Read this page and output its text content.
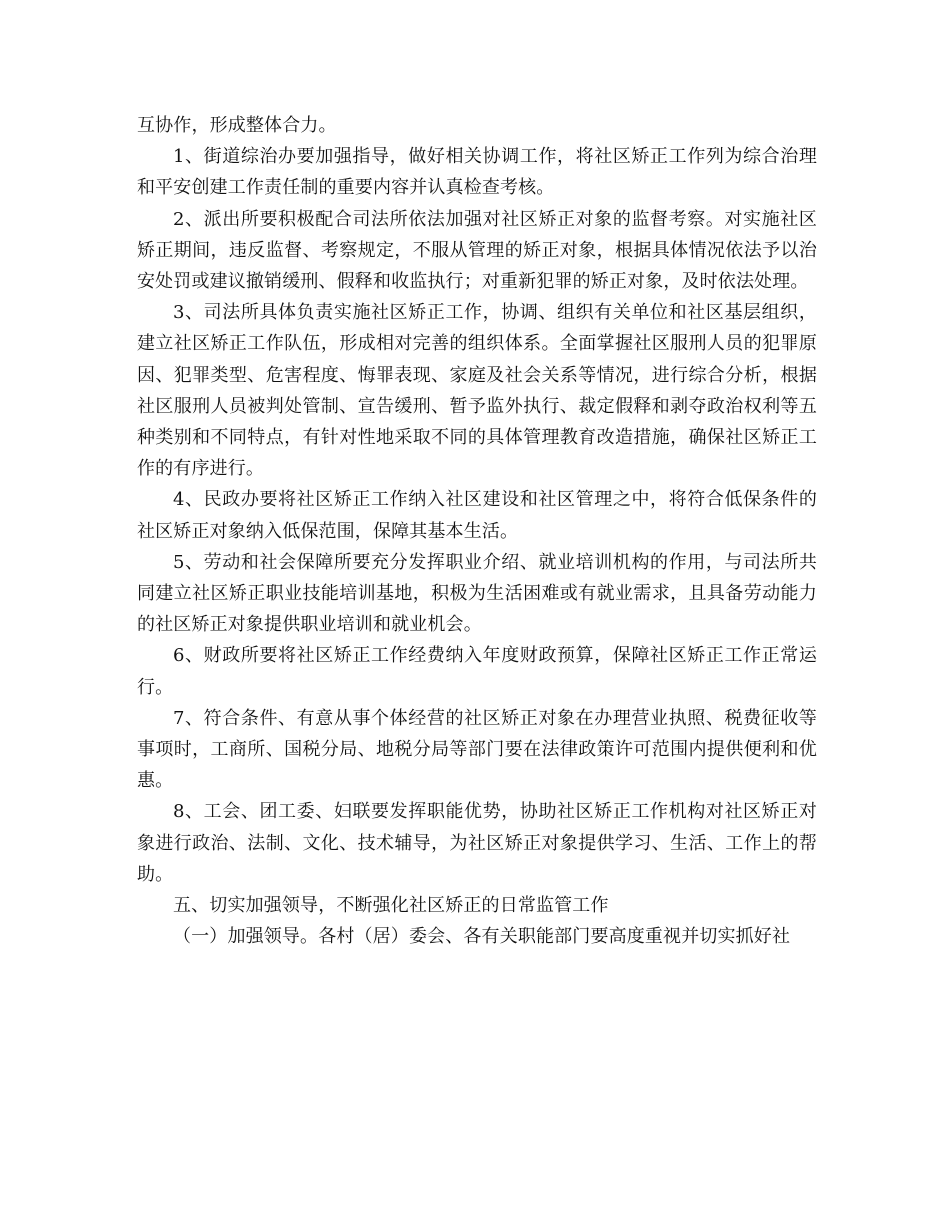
互协作，形成整体合力。

1、街道综治办要加强指导，做好相关协调工作，将社区矫正工作列为综合治理和平安创建工作责任制的重要内容并认真检查考核。

2、派出所要积极配合司法所依法加强对社区矫正对象的监督考察。对实施社区矫正期间，违反监督、考察规定，不服从管理的矫正对象，根据具体情况依法予以治安处罚或建议撤销缓刑、假释和收监执行；对重新犯罪的矫正对象，及时依法处理。

3、司法所具体负责实施社区矫正工作，协调、组织有关单位和社区基层组织，建立社区矫正工作队伍，形成相对完善的组织体系。全面掌握社区服刑人员的犯罪原因、犯罪类型、危害程度、悔罪表现、家庭及社会关系等情况，进行综合分析，根据社区服刑人员被判处管制、宣告缓刑、暂予监外执行、裁定假释和剥夺政治权利等五种类别和不同特点，有针对性地采取不同的具体管理教育改造措施，确保社区矫正工作的有序进行。

4、民政办要将社区矫正工作纳入社区建设和社区管理之中，将符合低保条件的社区矫正对象纳入低保范围，保障其基本生活。

5、劳动和社会保障所要充分发挥职业介绍、就业培训机构的作用，与司法所共同建立社区矫正职业技能培训基地，积极为生活困难或有就业需求，且具备劳动能力的社区矫正对象提供职业培训和就业机会。

6、财政所要将社区矫正工作经费纳入年度财政预算，保障社区矫正工作正常运行。

7、符合条件、有意从事个体经营的社区矫正对象在办理营业执照、税费征收等事项时，工商所、国税分局、地税分局等部门要在法律政策许可范围内提供便利和优惠。

8、工会、团工委、妇联要发挥职能优势，协助社区矫正工作机构对社区矫正对象进行政治、法制、文化、技术辅导，为社区矫正对象提供学习、生活、工作上的帮助。

五、切实加强领导，不断强化社区矫正的日常监管工作

（一）加强领导。各村（居）委会、各有关职能部门要高度重视并切实抓好社
